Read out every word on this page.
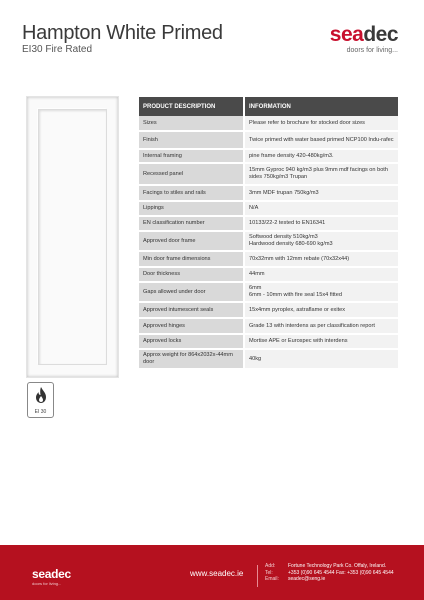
Hampton White Primed
EI30 Fire Rated
seadec
doors for living...
EI 30
PRODUCT DESCRIPTION	INFORMATION
Sizes	Please refer to brochure for stocked door sizes
Finish	Twice primed with water based primed NCP100 Indu-rafec
Internal framing	pine frame density 420-480kg/m3.
Recessed panel	15mm Gyproc 940 kg/m3 plus 9mm mdf facings on both sides 750kg/m3 Trupan
Facings to stiles and rails	3mm MDF trupan 750kg/m3
Lippings	N/A
EN classification number	10133/22-2 tested to EN16341
Approved door frame	Softwood density 510kg/m3
Hardwood density 680-690 kg/m3
Min door frame dimensions	70x32mm with 12mm rebate (70x32x44)
Door thickness	44mm
Gaps allowed under door	6mm
6mm - 10mm with fire seal 15x4 fitted
Approved intumescent seals	15x4mm pyroplex, astraflame or exitex
Approved hinges	Grade 13 with interdens as per classification report
Approved locks	Mortise APE or Eurospec with interdens
Approx weight for 864x2032x-44mm door	40kg
seadec
doors for living...
www.seadec.ie
Add:	Fortune Technology Park Co. Offaly, Ireland.
Tel:	+353 (0)90 645 4544 Fax: +353 (0)90 645 4544
Email:	seadec@seng.ie
